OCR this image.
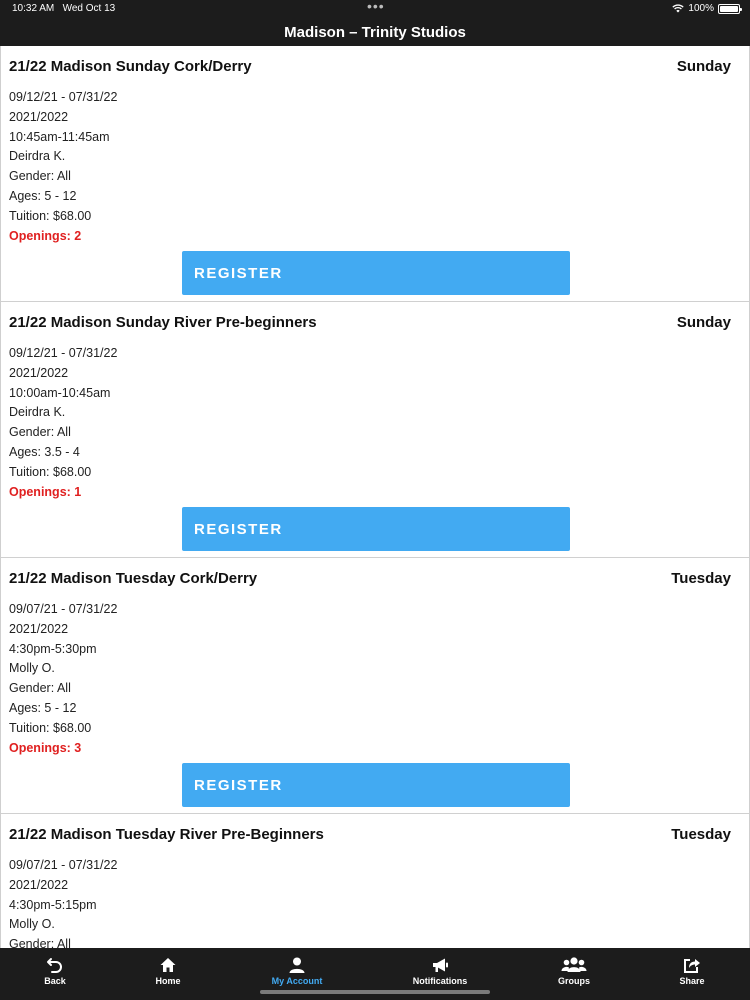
10:32 AM Wed Oct 13	•••	100%
Madison – Trinity Studios
21/22 Madison Sunday Cork/Derry	Sunday
09/12/21 - 07/31/22
2021/2022
10:45am-11:45am
Deirdra K.
Gender: All
Ages: 5 - 12
Tuition: $68.00
Openings: 2
REGISTER
21/22 Madison Sunday River Pre-beginners	Sunday
09/12/21 - 07/31/22
2021/2022
10:00am-10:45am
Deirdra K.
Gender: All
Ages: 3.5 - 4
Tuition: $68.00
Openings: 1
REGISTER
21/22 Madison Tuesday Cork/Derry	Tuesday
09/07/21 - 07/31/22
2021/2022
4:30pm-5:30pm
Molly O.
Gender: All
Ages: 5 - 12
Tuition: $68.00
Openings: 3
REGISTER
21/22 Madison Tuesday River Pre-Beginners	Tuesday
09/07/21 - 07/31/22
2021/2022
4:30pm-5:15pm
Molly O.
Gender: All
Back	Home	My Account	Notifications	Groups	Share
